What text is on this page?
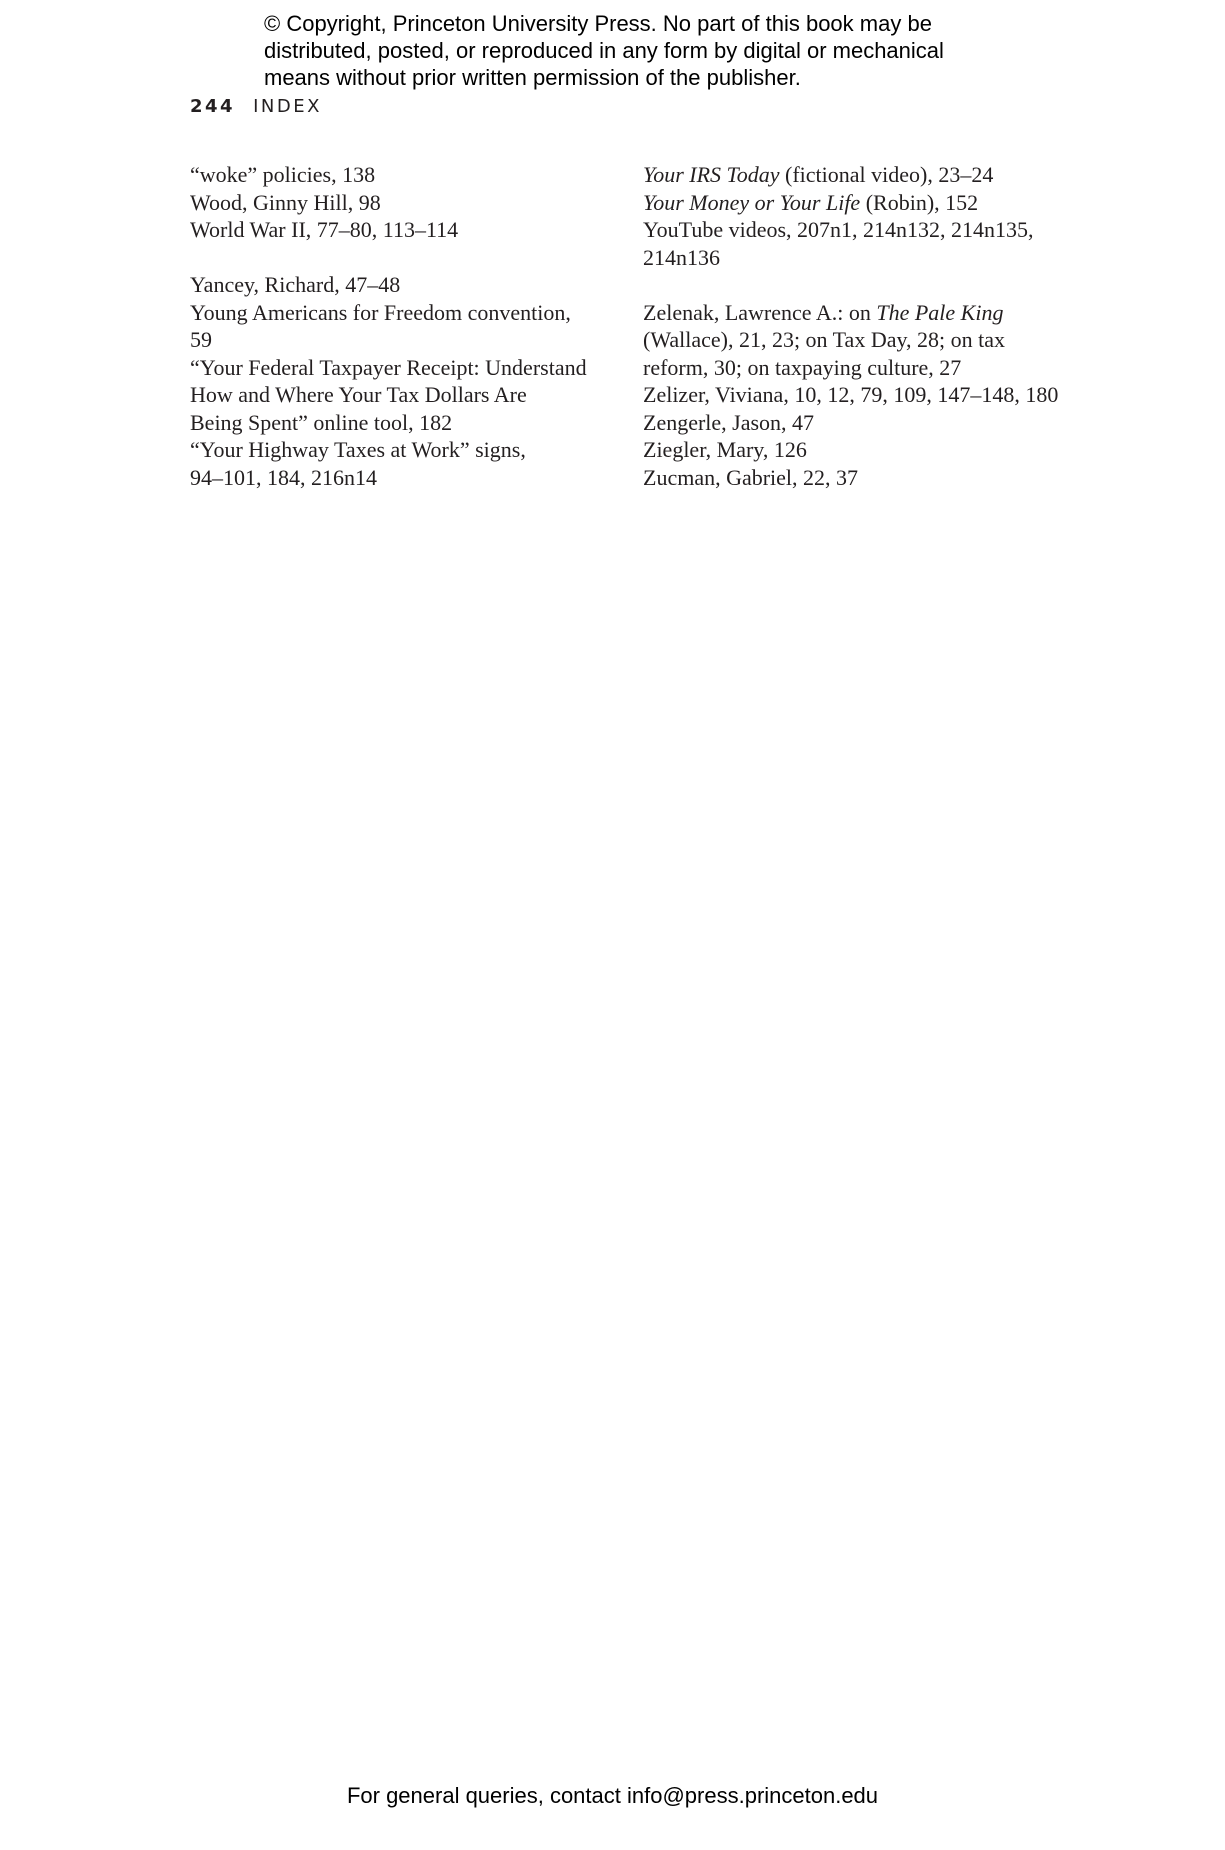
© Copyright, Princeton University Press. No part of this book may be
distributed, posted, or reproduced in any form by digital or mechanical
means without prior written permission of the publisher.
244 INDEX
“woke” policies, 138
Wood, Ginny Hill, 98
World War II, 77–80, 113–114
Yancey, Richard, 47–48
Young Americans for Freedom convention,
59
“Your Federal Taxpayer Receipt: Understand
How and Where Your Tax Dollars Are
Being Spent” online tool, 182
“Your Highway Taxes at Work” signs,
94–101, 184, 216n14
Your IRS Today (fictional video), 23–24
Your Money or Your Life (Robin), 152
YouTube videos, 207n1, 214n132, 214n135,
214n136
Zelenak, Lawrence A.: on The Pale King
(Wallace), 21, 23; on Tax Day, 28; on tax
reform, 30; on taxpaying culture, 27
Zelizer, Viviana, 10, 12, 79, 109, 147–148, 180
Zengerle, Jason, 47
Ziegler, Mary, 126
Zucman, Gabriel, 22, 37
For general queries, contact info@press.princeton.edu
